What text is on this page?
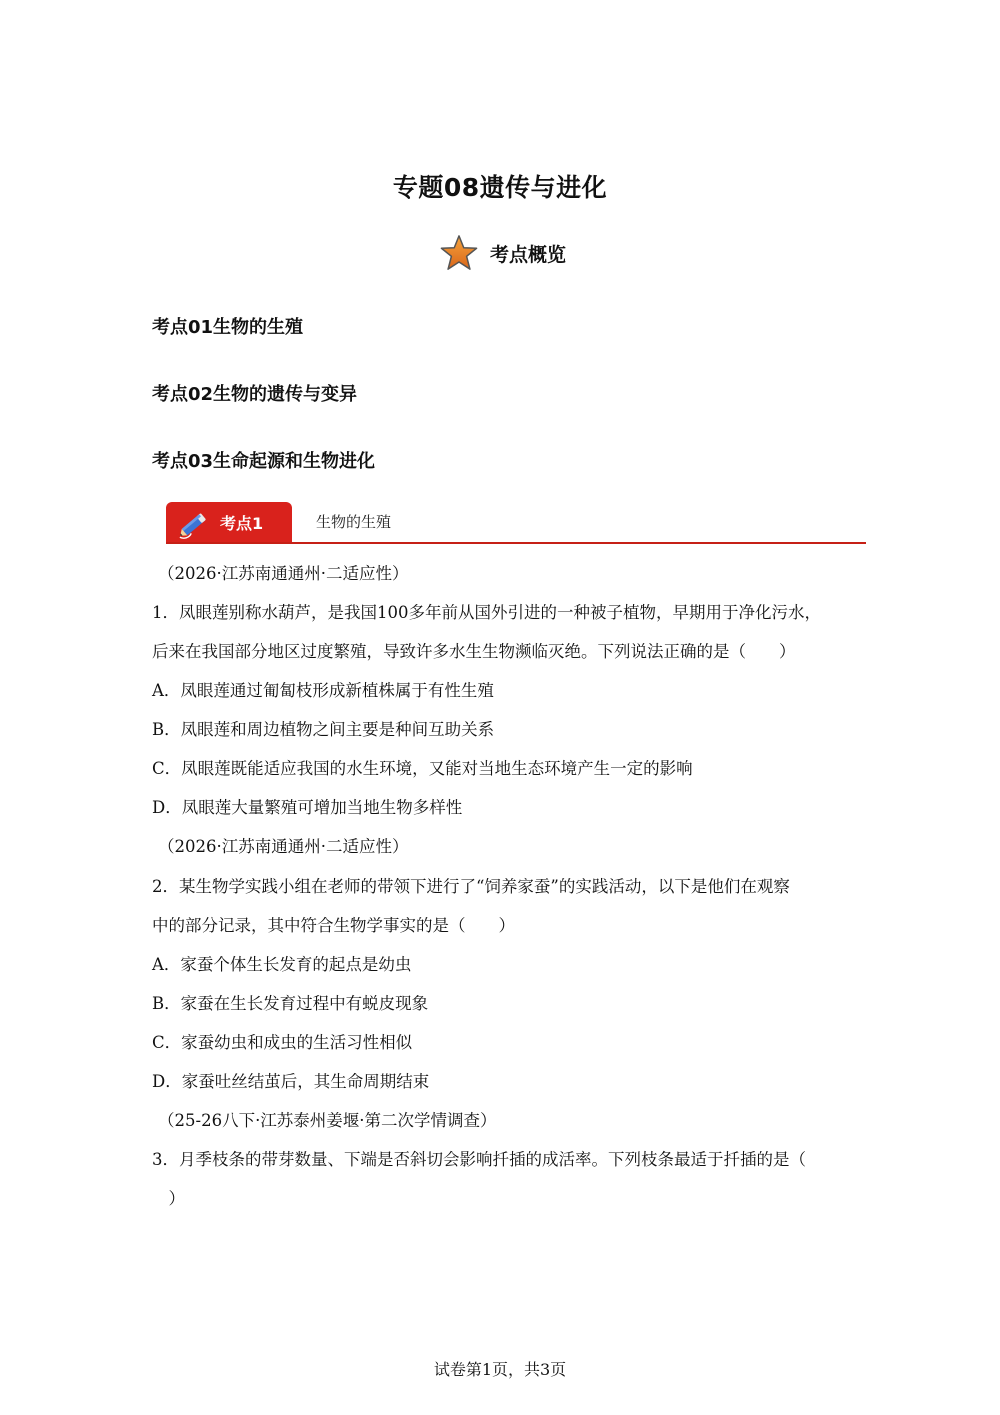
专题08遗传与进化
考点概览
考点01生物的生殖
考点02生物的遗传与变异
考点03生命起源和生物进化
考点1	生物的生殖
（2026·江苏南通通州·二适应性）
1．凤眼莲别称水葫芦，是我国100多年前从国外引进的一种被子植物，早期用于净化污水，
后来在我国部分地区过度繁殖，导致许多水生生物濒临灭绝。下列说法正确的是（　　）
A．凤眼莲通过匍匐枝形成新植株属于有性生殖
B．凤眼莲和周边植物之间主要是种间互助关系
C．凤眼莲既能适应我国的水生环境，又能对当地生态环境产生一定的影响
D．凤眼莲大量繁殖可增加当地生物多样性
（2026·江苏南通通州·二适应性）
2．某生物学实践小组在老师的带领下进行了“饲养家蚕”的实践活动，以下是他们在观察
中的部分记录，其中符合生物学事实的是（　　）
A．家蚕个体生长发育的起点是幼虫
B．家蚕在生长发育过程中有蜕皮现象
C．家蚕幼虫和成虫的生活习性相似
D．家蚕吐丝结茧后，其生命周期结束
（25-26八下·江苏泰州姜堰·第二次学情调查）
3．月季枝条的带芽数量、下端是否斜切会影响扦插的成活率。下列枝条最适于扦插的是（
　）
试卷第1页，共3页
